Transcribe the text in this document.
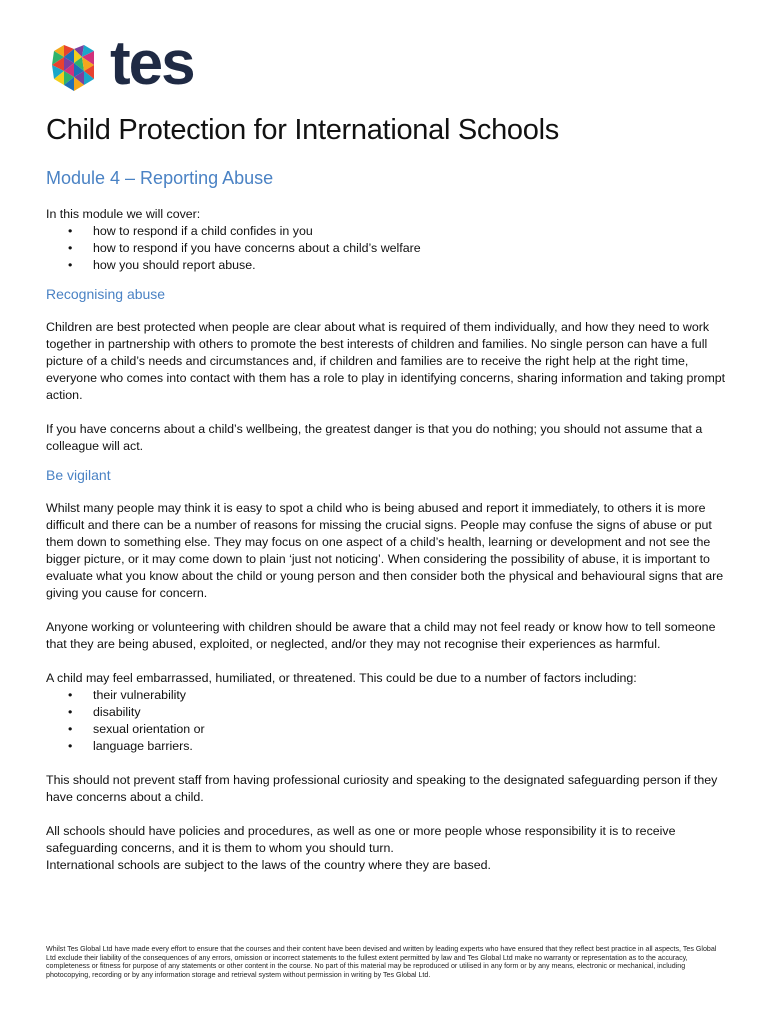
tes
Child Protection for International Schools
Module 4 – Reporting Abuse

In this module we will cover:

• how to respond if a child confides in you
• how to respond if you have concerns about a child’s welfare
• how you should report abuse.
Recognising abuse

Children are best protected when people are clear about what is required of them individually, and how they need to work together in partnership with others to promote the best interests of children and families. No single person can have a full picture of a child’s needs and circumstances and, if children and families are to receive the right help at the right time, everyone who comes into contact with them has a role to play in identifying concerns, sharing information and taking prompt action.

If you have concerns about a child’s wellbeing, the greatest danger is that you do nothing; you should not assume that a colleague will act.

Be vigilant

Whilst many people may think it is easy to spot a child who is being abused and report it immediately, to others it is more difficult and there can be a number of reasons for missing the crucial signs. People may confuse the signs of abuse or put them down to something else. They may focus on one aspect of a child’s health, learning or development and not see the bigger picture, or it may come down to plain ‘just not noticing’. When considering the possibility of abuse, it is important to evaluate what you know about the child or young person and then consider both the physical and behavioural signs that are giving you cause for concern.

Anyone working or volunteering with children should be aware that a child may not feel ready or know how to tell someone that they are being abused, exploited, or neglected, and/or they may not recognise their experiences as harmful.

A child may feel embarrassed, humiliated, or threatened. This could be due to a number of factors including:

• their vulnerability
• disability
• sexual orientation or
• language barriers.

This should not prevent staff from having professional curiosity and speaking to the designated safeguarding person if they have concerns about a child.

All schools should have policies and procedures, as well as one or more people whose responsibility it is to receive safeguarding concerns, and it is them to whom you should turn.

International schools are subject to the laws of the country where they are based.

Whilst Tes Global Ltd have made every effort to ensure that the courses and their content have been devised and written by leading experts who have ensured that they reflect best practice in all aspects, Tes Global Ltd exclude their liability of the consequences of any errors, omission or incorrect statements to the fullest extent permitted by law and Tes Global Ltd make no warranty or representation as to the accuracy, completeness or fitness for purpose of any statements or other content in the course. No part of this material may be reproduced or utilised in any form or by any means, electronic or mechanical, including photocopying, recording or by any information storage and retrieval system without permission in writing by Tes Global Ltd.
